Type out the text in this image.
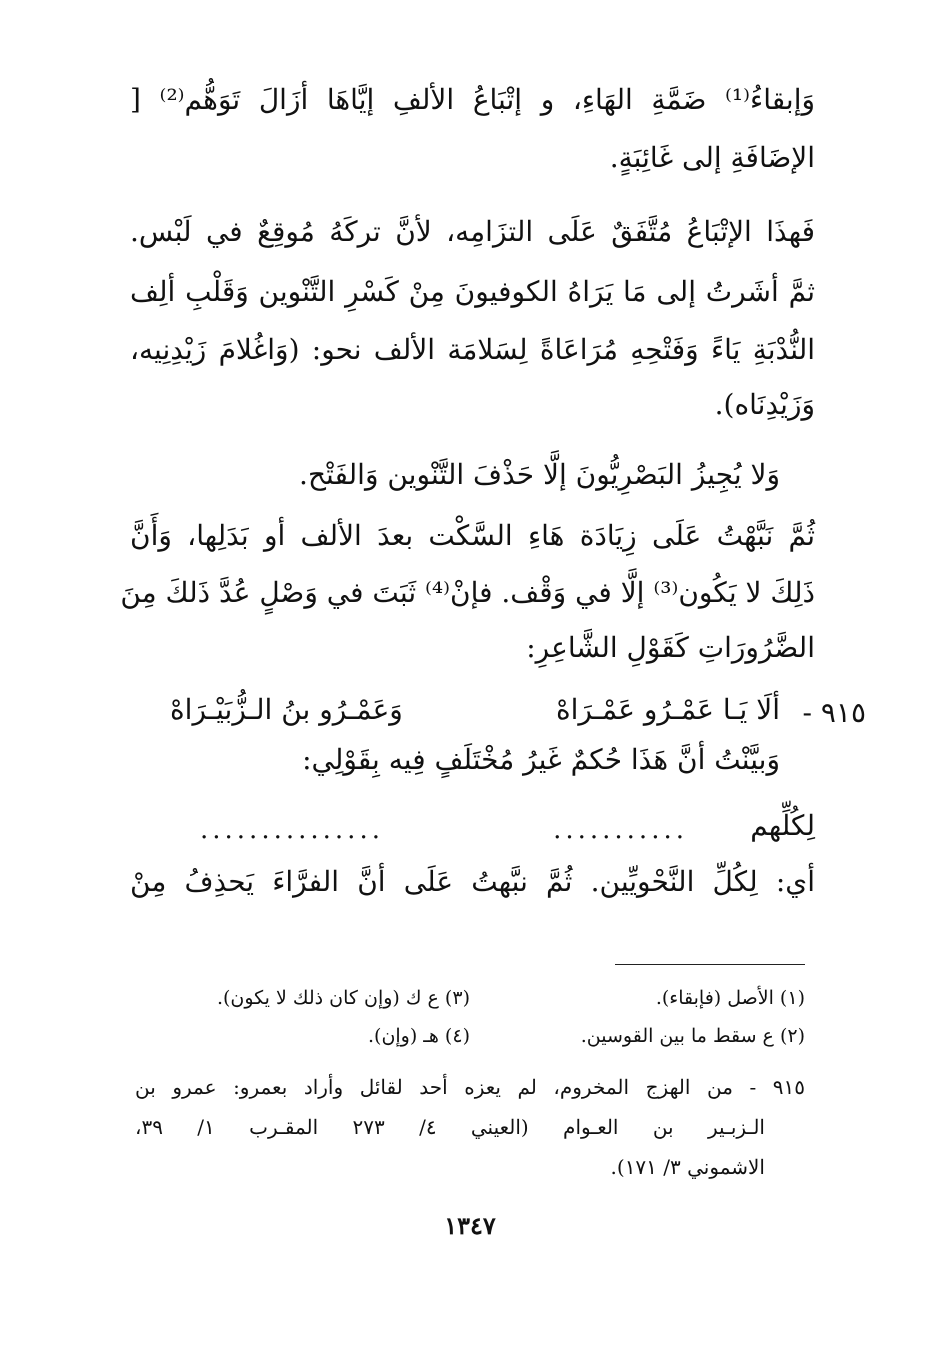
وَإبقاءُ⁽¹⁾ ضَمَّةِ الهَاءِ، و إتْبَاعُ الألفِ إيَّاهَا أزَالَ تَوَهُّم⁽²⁾ [
الإضَافَةِ إلى غَائِبَةٍ.
فَهذَا الإتْبَاعُ مُتَّفَقٌ عَلَى التزَامِه، لأنَّ تركَهُ مُوقِعٌ في لَبْس.
ثمَّ أشَرتُ إلى مَا يَرَاهُ الكوفيونَ مِنْ كَسْرِ التَّنْوين وَقَلْبِ ألِف
النُّدْبَةِ يَاءً وَفَتْحِهِ مُرَاعَاةً لِسَلامَة الألف نحو: (وَاغُلامَ زَيْدِنِيه،
وَزَيْدِنَاه).
وَلا يُجِيزُ البَصْرِيُّونَ إلَّا حَذْفَ التَّنْوين وَالفَتْح.
ثُمَّ نَبَّهْتُ عَلَى زِيَادَة هَاءِ السَّكْت بعدَ الألف أو بَدَلِها، وَأَنَّ
ذَلِكَ لا يَكُون⁽³⁾ إلَّا في وَقْف. فإنْ⁽⁴⁾ ثَبَتَ في وَصْلٍ عُدَّ ذَلكَ مِنَ
الضَّرُورَاتِ كَقَوْلِ الشَّاعِرِ:
٩١٥ -
ألَا يَـا عَمْـرُو عَمْـرَاهْ
وَعَمْـرُو بنُ الـزُّبَيْـرَاهْ
وَبيَّنْتُ أنَّ هَذَا حُكمٌ غَيرُ مُخْتَلَفٍ فِيه بِقَوْلِي:
لِكُلِّهم
...........
...............
أي: لِكُلِّ النَّحْويِّين. ثُمَّ نبَّهتُ عَلَى أنَّ الفرَّاءَ يَحذِفُ مِنْ
(١) الأصل (فإبقاء).
(٣) ع ك (وإن كان ذلك لا يكون).
(٢) ع سقط ما بين القوسين.
(٤) هـ (وإن).
٩١٥ - من الهزج المخروم، لم يعزه أحد لقائل وأراد بعمرو: عمرو بن
الـزبـير بن العـوام (العيني ٤/ ٢٧٣ المقـرب ١/ ٣٩،
الاشموني ٣/ ١٧١).
١٣٤٧
